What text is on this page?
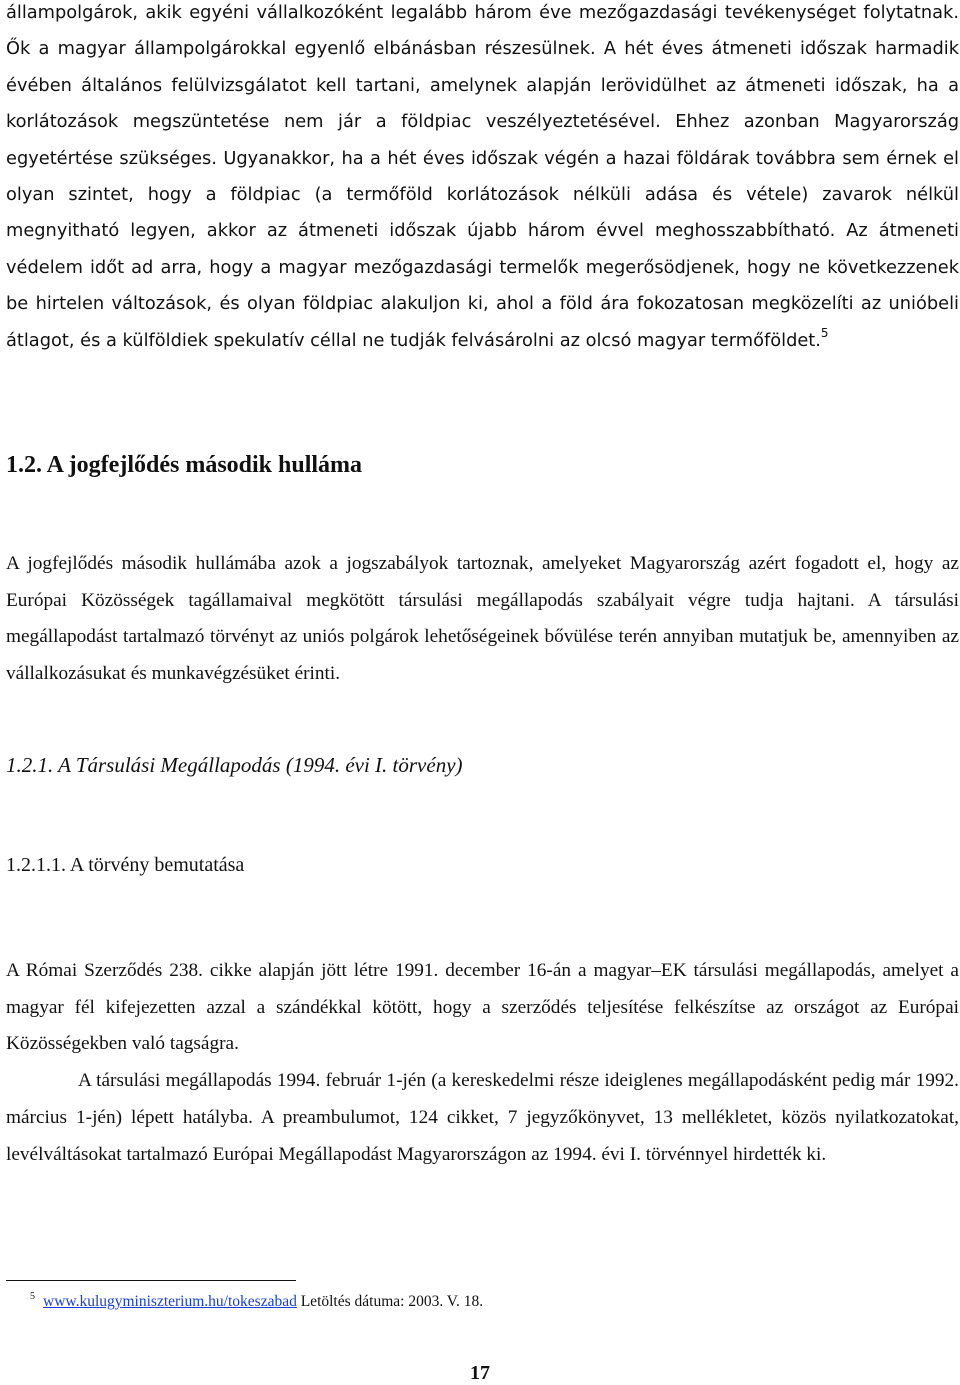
állampolgárok, akik egyéni vállalkozóként legalább három éve mezőgazdasági tevékenységet folytatnak. Ők a magyar állampolgárokkal egyenlő elbánásban részesülnek. A hét éves átmeneti időszak harmadik évében általános felülvizsgálatot kell tartani, amelynek alapján lerövidülhet az átmeneti időszak, ha a korlátozások megszüntetése nem jár a földpiac veszélyeztetésével. Ehhez azonban Magyarország egyetértése szükséges. Ugyanakkor, ha a hét éves időszak végén a hazai földárak továbbra sem érnek el olyan szintet, hogy a földpiac (a termőföld korlátozások nélküli adása és vétele) zavarok nélkül megnyitható legyen, akkor az átmeneti időszak újabb három évvel meghosszabbítható. Az átmeneti védelem időt ad arra, hogy a magyar mezőgazdasági termelők megerősödjenek, hogy ne következzenek be hirtelen változások, és olyan földpiac alakuljon ki, ahol a föld ára fokozatosan megközelíti az unióbeli átlagot, és a külföldiek spekulatív céllal ne tudják felvásárolni az olcsó magyar termőföldet.$^5$

1.2. A jogfejlődés második hulláma
A jogfejlődés második hullámába azok a jogszabályok tartoznak, amelyeket Magyarország azért fogadott el, hogy az Európai Közösségek tagállamaival megkötött társulási megállapodás szabályait végre tudja hajtani. A társulási megállapodást tartalmazó törvényt az uniós polgárok lehetőségeinek bővülése terén annyiban mutatjuk be, amennyiben az vállalkozásukat és munkavégzésüket érinti.
1.2.1. A Társulási Megállapodás (1994. évi I. törvény)
1.2.1.1. A törvény bemutatása
A Római Szerződés 238. cikke alapján jött létre 1991. december 16-án a magyar–EK társulási megállapodás, amelyet a magyar fél kifejezetten azzal a szándékkal kötött, hogy a szerződés teljesítése felkészítse az országot az Európai Közösségekben való tagságra.
A társulási megállapodás 1994. február 1-jén (a kereskedelmi része ideiglenes megállapodásként pedig már 1992. március 1-jén) lépett hatályba. A preambulumot, 124 cikket, 7 jegyzőkönyvet, 13 mellékletet, közös nyilatkozatokat, levélváltásokat tartalmazó Európai Megállapodást Magyarországon az 1994. évi I. törvénnyel hirdették ki.

$^5$ www.kulugyminiszterium.hu/tokeszabad Letöltés dátuma: 2003. V. 18.

17
